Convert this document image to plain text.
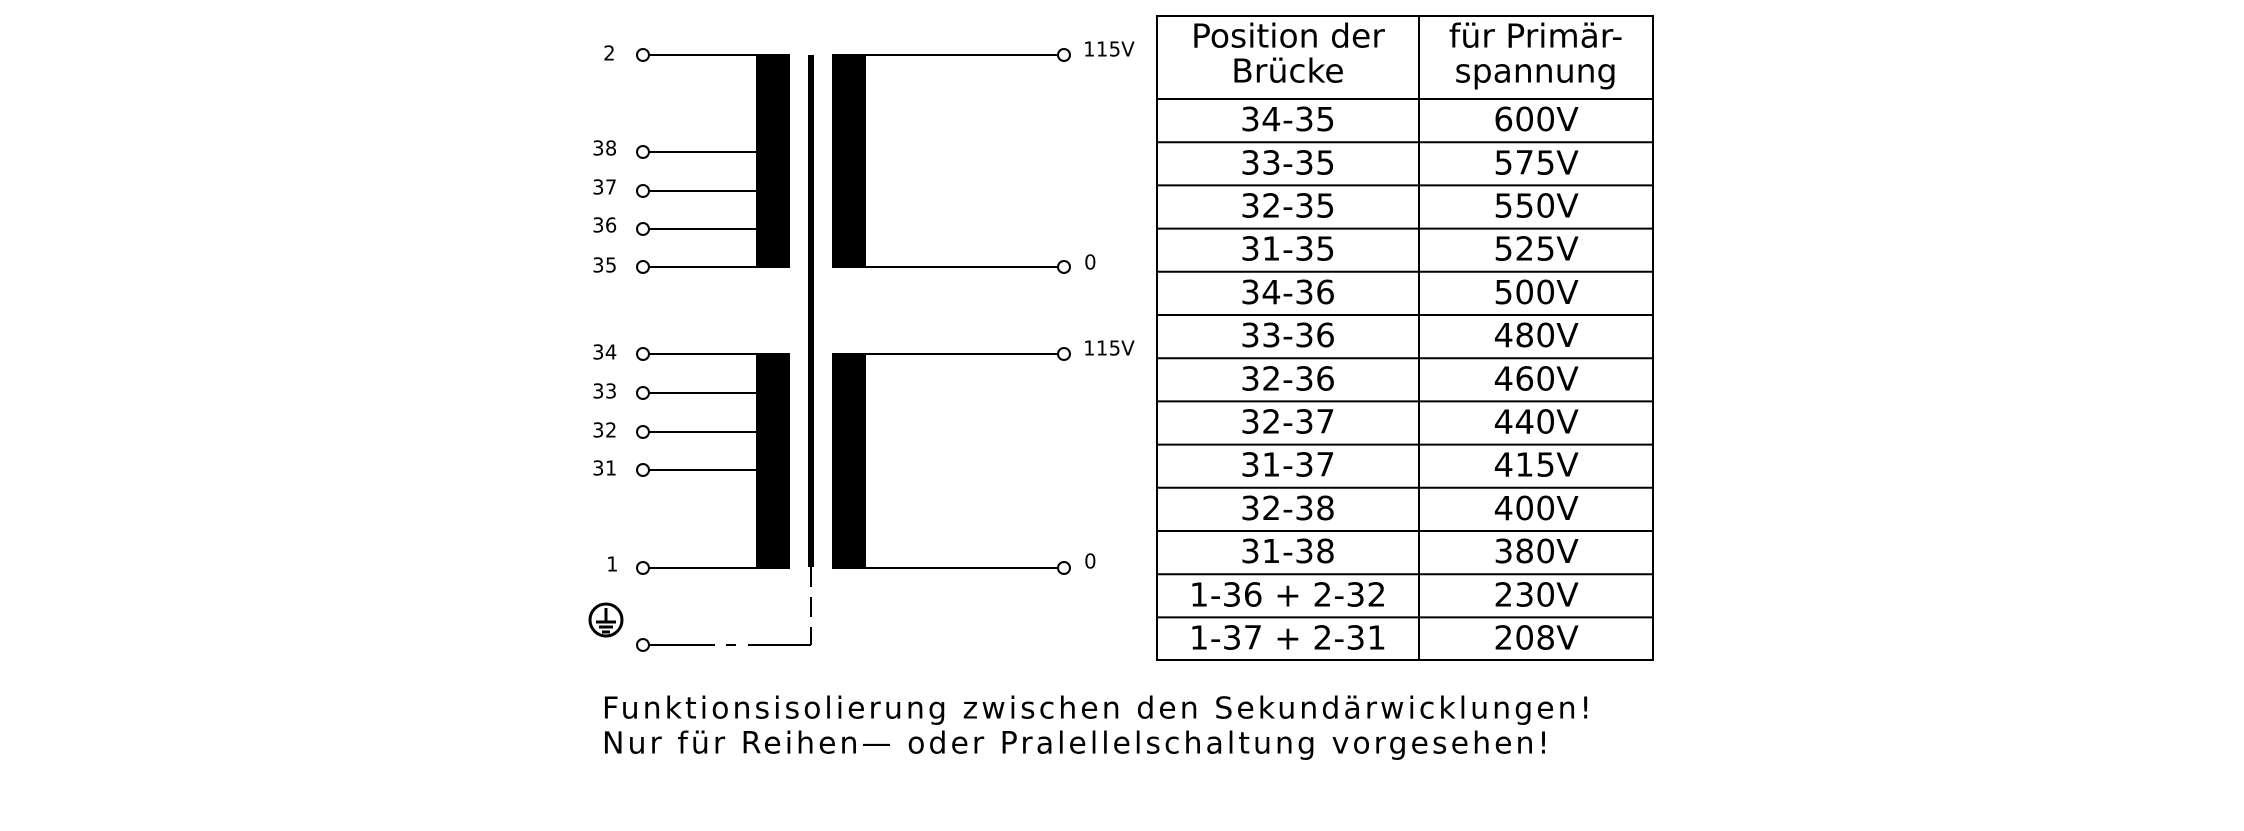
2
38
37
36
35
34
33
32
31
1
115V
0
115V
0
Position der
Brücke
für Primär-
spannung
34-35	600V
33-35	575V
32-35	550V
31-35	525V
34-36	500V
33-36	480V
32-36	460V
32-37	440V
31-37	415V
32-38	400V
31-38	380V
1-36 + 2-32	230V
1-37 + 2-31	208V
Funktionsisolierung zwischen den Sekundärwicklungen!
Nur für Reihen— oder Pralellelschaltung vorgesehen!
